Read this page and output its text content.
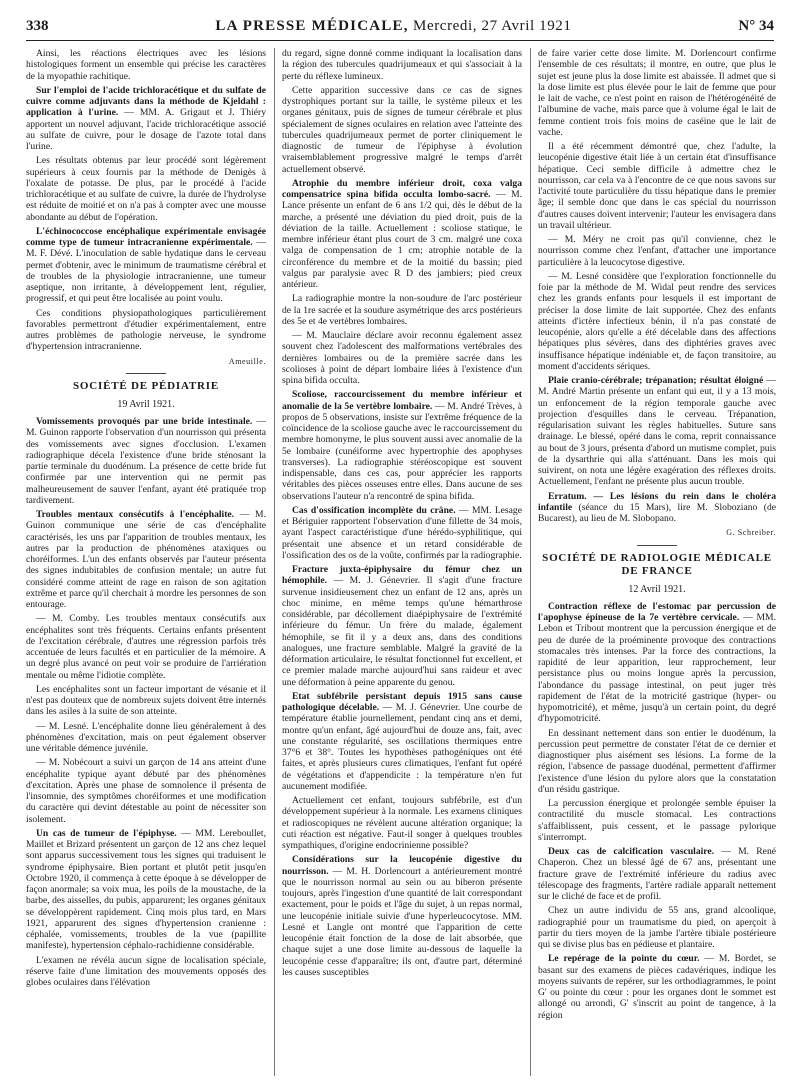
338	LA PRESSE MÉDICALE, Mercredi, 27 Avril 1921	N° 34

Ainsi, les réactions électriques avec les lésions histologiques forment un ensemble qui précise les caractères de la myopathie rachitique.

Sur l'emploi de l'acide trichloracétique et du sulfate de cuivre comme adjuvants dans la méthode de Kjeldahl : application à l'urine. — MM. A. Grigaut et J. Thiéry apportent un nouvel adjuvant, l'acide trichloracétique associé au sulfate de cuivre, pour le dosage de l'azote total dans l'urine.

Les résultats obtenus par leur procédé sont légèrement supérieurs à ceux fournis par la méthode de Denigès à l'oxalate de potasse. De plus, par le procédé à l'acide trichloracétique et au sulfate de cuivre, la durée de l'hydrolyse est réduite de moitié et on n'a pas à compter avec une mousse abondante au début de l'opération.

L'échinococcose encéphalique expérimentale envisagée comme type de tumeur intracranienne expérimentale. — M. F. Dévé. L'inoculation de sable hydatique dans le cerveau permet d'obtenir, avec le minimum de traumatisme cérébral et de troubles de la physiologie intracranienne, une tumeur aseptique, non irritante, à développement lent, régulier, progressif, et qui peut être localisée au point voulu.

Ces conditions physiopathologiques particulièrement favorables permettront d'étudier expérimentalement, entre autres problèmes de pathologie nerveuse, le syndrome d'hypertension intracranienne.

Ameuille.
SOCIÉTÉ DE PÉDIATRIE
19 Avril 1921.

Vomissements provoqués par une bride intestinale. — M. Guinon rapporte l'observation d'un nourrisson qui présenta des vomissements avec signes d'occlusion. L'examen radiographique décela l'existence d'une bride sténosant la partie terminale du duodénum. La présence de cette bride fut confirmée par une intervention qui ne permit pas malheureusement de sauver l'enfant, ayant été pratiquée trop tardivement.

Troubles mentaux consécutifs à l'encéphalite. — M. Guinon communique une série de cas d'encéphalite caractérisés, les uns par l'apparition de troubles mentaux, les autres par la production de phénomènes ataxiques ou choréiformes. L'un des enfants observés par l'auteur présenta des signes indubitables de confusion mentale; un autre fut considéré comme atteint de rage en raison de son agitation extrême et parce qu'il cherchait à mordre les personnes de son entourage.

— M. Comby. Les troubles mentaux consécutifs aux encéphalites sont très fréquents. Certains enfants présentent de l'excitation cérébrale, d'autres une régression parfois très accentuée de leurs facultés et en particulier de la mémoire. A un degré plus avancé on peut voir se produire de l'arriération mentale ou même l'idiotie complète.

Les encéphalites sont un facteur important de vésanie et il n'est pas douteux que de nombreux sujets doivent être internés dans les asiles à la suite de son atteinte.

— M. Lesné. L'encéphalite donne lieu généralement à des phénomènes d'excitation, mais on peut également observer une véritable démence juvénile.

— M. Nobécourt a suivi un garçon de 14 ans atteint d'une encéphalite typique ayant débuté par des phénomènes d'excitation. Après une phase de somnolence il présenta de l'insomnie, des symptômes choréiformes et une modification du caractère qui devint détestable au point de nécessiter son isolement.

Un cas de tumeur de l'épiphyse. — MM. Lereboullet, Maillet et Brizard présentent un garçon de 12 ans chez lequel sont apparus successivement tous les signes qui traduisent le syndrome épiphysaire. Bien portant et plutôt petit jusqu'en Octobre 1920, il commença à cette époque à se développer de façon anormale; sa voix mua, les poils de la moustache, de la barbe, des aisselles, du pubis, apparurent; les organes génitaux se développèrent rapidement. Cinq mois plus tard, en Mars 1921, apparurent des signes d'hypertension cranienne : céphalée, vomissements, troubles de la vue (papillite manifeste), hypertension céphalo-rachidienne considérable.

L'examen ne révéla aucun signe de localisation spéciale, réserve faite d'une limitation des mouvements opposés des globes oculaires dans l'élévation

du regard, signe donné comme indiquant la localisation dans la région des tubercules quadrijumeaux et qui s'associait à la perte du réflexe lumineux.

Cette apparition successive dans ce cas de signes dystrophiques portant sur la taille, le système pileux et les organes génitaux, puis de signes de tumeur cérébrale et plus spécialement de signes oculaires en relation avec l'atteinte des tubercules quadrijumeaux permet de porter cliniquement le diagnostic de tumeur de l'épiphyse à évolution vraisemblablement progressive malgré le temps d'arrêt actuellement observé.

Atrophie du membre inférieur droit, coxa valga compensatrice spina bifida occulta lombo-sacré. — M. Lance présente un enfant de 6 ans 1/2 qui, dès le début de la marche, a présenté une déviation du pied droit, puis de la déviation de la taille. Actuellement : scoliose statique, le membre inférieur étant plus court de 3 cm. malgré une coxa valga de compensation de 1 cm; atrophie notable de la circonférence du membre et de la moitié du bassin; pied valgus par paralysie avec R D des jambiers; pied creux antérieur.

La radiographie montre la non-soudure de l'arc postérieur de la 1re sacrée et la soudure asymétrique des arcs postérieurs des 5e et 4e vertèbres lombaires.

— M. Mauclaire déclare avoir reconnu également assez souvent chez l'adolescent des malformations vertébrales des dernières lombaires ou de la première sacrée dans les scolioses à point de départ lombaire liées à l'existence d'un spina bifida occulta.

Scoliose, raccourcissement du membre inférieur et anomalie de la 5e vertèbre lombaire. — M. André Trèves, à propos de 5 observations, insiste sur l'extrême fréquence de la coïncidence de la scoliose gauche avec le raccourcissement du membre homonyme, le plus souvent aussi avec anomalie de la 5e lombaire (cunéiforme avec hypertrophie des apophyses transverses). La radiographie stéréoscopique est souvent indispensable, dans ces cas, pour apprécier les rapports véritables des pièces osseuses entre elles. Dans aucune de ses observations l'auteur n'a rencontré de spina bifida.

Cas d'ossification incomplète du crâne. — MM. Lesage et Bériguier rapportent l'observation d'une fillette de 34 mois, ayant l'aspect caractéristique d'une hérédo-syphilitique, qui présentait une absence et un retard considérable de l'ossification des os de la voûte, confirmés par la radiographie.

Fracture juxta-épiphysaire du fémur chez un hémophile. — M. J. Génevrier. Il s'agit d'une fracture survenue insidieusement chez un enfant de 12 ans, après un choc minime, en même temps qu'une hémarthrose considérable, par décollement diaépiphysaire de l'extrémité inférieure du fémur. Un frère du malade, également hémophile, se fit il y a deux ans, dans des conditions analogues, une fracture semblable. Malgré la gravité de la déformation articulaire, le résultat fonctionnel fut excellent, et ce premier malade marche aujourd'hui sans raideur et avec une déformation à peine apparente du genou.

Etat subfébrile persistant depuis 1915 sans cause pathologique décelable. — M. J. Génevrier. Une courbe de température établie journellement, pendant cinq ans et demi, montre qu'un enfant, âgé aujourd'hui de douze ans, fait, avec une constante régularité, ses oscillations thermiques entre 37°6 et 38°. Toutes les hypothèses pathogéniques ont été faites, et après plusieurs cures climatiques, l'enfant fut opéré de végétations et d'appendicite : la température n'en fut aucunement modifiée.

Actuellement cet enfant, toujours subfébrile, est d'un développement supérieur à la normale. Les examens cliniques et radioscopiques ne révèlent aucune altération organique; la cuti réaction est négative. Faut-il songer à quelques troubles sympathiques, d'origine endocrinienne possible?

Considérations sur la leucopénie digestive du nourrisson. — M. H. Dorlencourt a antérieurement montré que le nourrisson normal au sein ou au biberon présente toujours, après l'ingestion d'une quantité de lait correspondant exactement, pour le poids et l'âge du sujet, à un repas normal, une leucopénie initiale suivie d'une hyperleucocytose. MM. Lesné et Langle ont montré que l'apparition de cette leucopénie était fonction de la dose de lait absorbée, que chaque sujet a une dose limite au-dessous de laquelle la leucopénie cesse d'apparaître; ils ont, d'autre part, déterminé les causes susceptibles

de faire varier cette dose limite. M. Dorlencourt confirme l'ensemble de ces résultats; il montre, en outre, que plus le sujet est jeune plus la dose limite est abaissée. Il admet que si la dose limite est plus élevée pour le lait de femme que pour le lait de vache, ce n'est point en raison de l'hétérogénéité de l'albumine de vache, mais parce que à volume égal le lait de femme contient trois fois moins de caséine que le lait de vache.

Il a été récemment démontré que, chez l'adulte, la leucopénie digestive était liée à un certain état d'insuffisance hépatique. Ceci semble difficile à admettre chez le nourrisson, car cela va à l'encontre de ce que nous savons sur l'activité toute particulière du tissu hépatique dans le premier âge; il semble donc que dans le cas spécial du nourrisson d'autres causes doivent intervenir; l'auteur les envisagera dans un travail ultérieur.

— M. Méry ne croit pas qu'il convienne, chez le nourrisson comme chez l'enfant, d'attacher une importance particulière à la leucocytose digestive.

— M. Lesné considère que l'exploration fonctionnelle du foie par la méthode de M. Widal peut rendre des services chez les grands enfants pour lesquels il est important de préciser la dose limite de lait supportée. Chez des enfants atteints d'ictère infectieux bénin, il n'a pas constaté de leucopénie, alors qu'elle a été décelable dans des affections hépatiques plus sévères, dans des diphtéries graves avec insuffisance hépatique indéniable et, de façon transitoire, au moment d'accidents sériques.

Plaie cranio-cérébrale; trépanation; résultat éloigné — M. André Martin présente un enfant qui eut, il y a 13 mois, un enfoncement de la région temporale gauche avec projection d'esquilles dans le cerveau. Trépanation, régularisation suivant les règles habituelles. Suture sans drainage. Le blessé, opéré dans le coma, reprit connaissance au bout de 3 jours, présenta d'abord un mutisme complet, puis de la dysarthrie qui alla s'atténuant. Dans les mois qui suivirent, on nota une légère exagération des réflexes droits. Actuellement, l'enfant ne présente plus aucun trouble.

Erratum. — Les lésions du rein dans le choléra infantile (séance du 15 Mars), lire M. Sloboziano (de Bucarest), au lieu de M. Slobopano.

G. Schreiber.
SOCIÉTÉ DE RADIOLOGIE MÉDICALE DE FRANCE
12 Avril 1921.

Contraction réflexe de l'estomac par percussion de l'apophyse épineuse de la 7e vertèbre cervicale. — MM. Lebon et Tribout montrent que la percussion énergique et de peu de durée de la proéminente provoque des contractions stomacales très intenses. Par la force des contractions, la rapidité de leur apparition, leur rapprochement, leur persistance plus ou moins longue après la percussion, l'abondance du passage intestinal, on peut juger très rapidement de l'état de la motricité gastrique (hyper- ou hypomotricité), et même, jusqu'à un certain point, du degré d'hypomotricité.

En dessinant nettement dans son entier le duodénum, la percussion peut permettre de constater l'état de ce dernier et diagnostiquer plus aisément ses lésions. La forme de la région, l'absence de passage duodénal, permettent d'affirmer l'existence d'une lésion du pylore alors que la constatation d'un résidu gastrique.

La percussion énergique et prolongée semble épuiser la contractilité du muscle stomacal. Les contractions s'affaiblissent, puis cessent, et le passage pylorique s'interrompt.

Deux cas de calcification vasculaire. — M. René Chaperon. Chez un blessé âgé de 67 ans, présentant une fracture grave de l'extrémité inférieure du radius avec télescopage des fragments, l'artère radiale apparaît nettement sur le cliché de face et de profil.

Chez un autre individu de 55 ans, grand alcoolique, radiographié pour un traumatisme du pied, on aperçoit à partir du tiers moyen de la jambe l'artère tibiale postérieure qui se divise plus bas en pédieuse et plantaire.

Le repérage de la pointe du cœur. — M. Bordet, se basant sur des examens de pièces cadavériques, indique les moyens suivants de repérer, sur les orthodiagrammes, le point G' ou pointe du cœur : pour les organes dont le sommet est allongé ou arrondi, G' s'inscrit au point de tangence, à la région
